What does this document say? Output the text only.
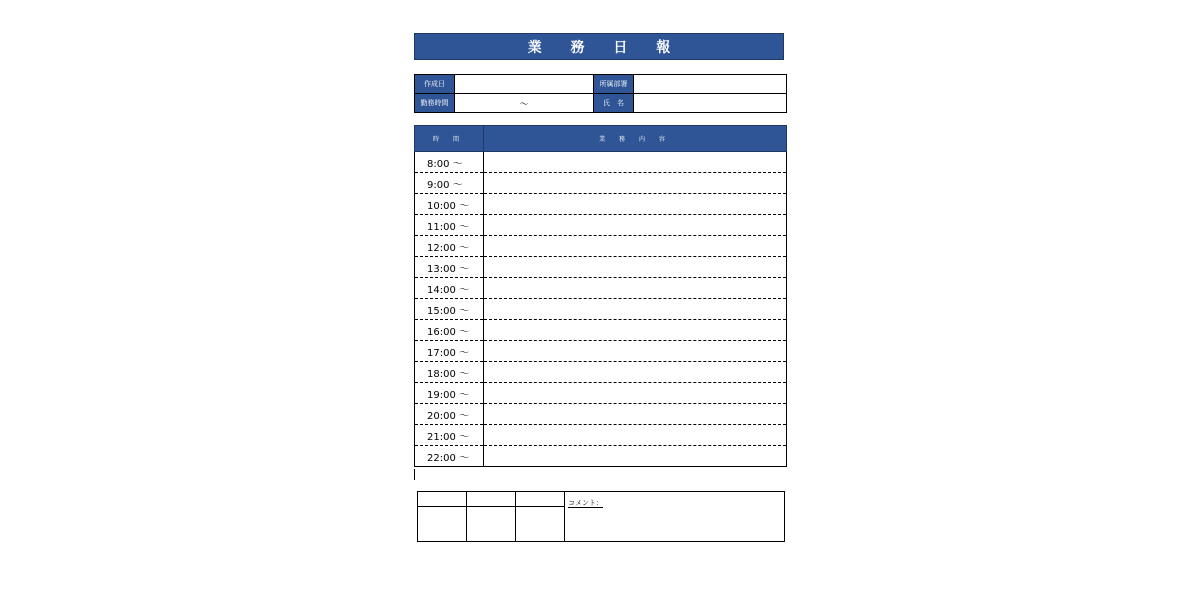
業 務 日 報
作成日		所属部署	
勤務時間	～	氏　名	
時 間	業 務 内 容
8:00 ～	
9:00 ～	
10:00 ～	
11:00 ～	
12:00 ～	
13:00 ～	
14:00 ～	
15:00 ～	
16:00 ～	
17:00 ～	
18:00 ～	
19:00 ～	
20:00 ～	
21:00 ～	
22:00 ～	
			コメント：
